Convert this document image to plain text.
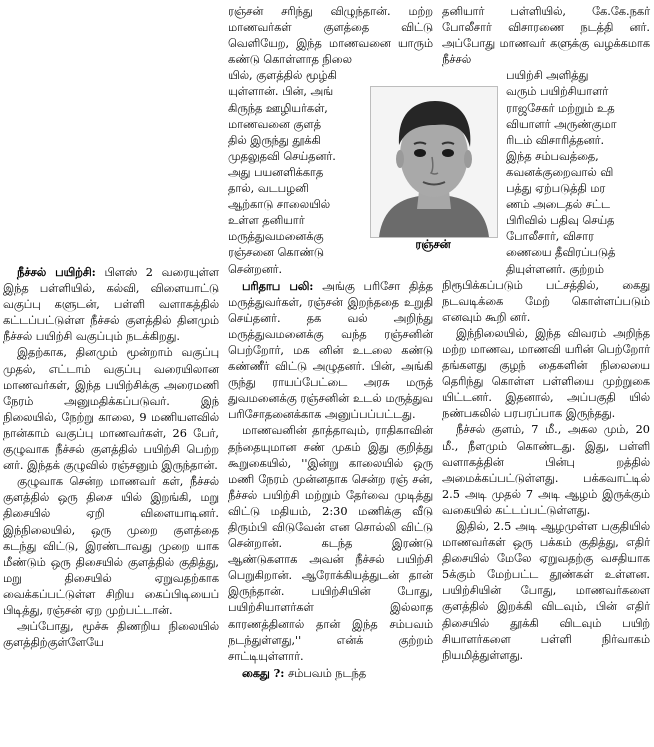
நீச்சல் பயிற்சி: பிளஸ் 2 வரையுள்ள இந்த பள்ளியில், கல்வி, விளையாட்டு வகுப்பு களுடன், பள்ளி வளாகத்தில் கட்டப்பட்டுள்ள நீச்சல் குளத்தில் தினமும் நீச்சல் பயிற்சி வகுப்பும் நடக்கிறது.

இதற்காக, தினமும் மூன்றாம் வகுப்பு முதல், எட்டாம் வகுப்பு வரையிலான மாணவர்கள், இந்த பயிற்சிக்கு அரைமணி நேரம் அனுமதிக்கப்படுவர். இந் நிலையில், நேற்று காலை, 9 மணியளவில் நான்காம் வகுப்பு மாணவர்கள், 26 பேர், குழுவாக நீச்சல் குளத்தில் பயிற்சி பெற்ற னர். இந்தக் குழுவில் ரஞ்சனும் இருந்தான்.

குழுவாக சென்ற மாணவர் கள், நீச்சல் குளத்தில் ஒரு திசை யில் இறங்கி, மறு திசையில் ஏறி விளையாடினர். இந்நிலையில், ஒரு முறை குளத்தை கடந்து விட்டு, இரண்டாவது முறை யாக மீண்டும் ஒரு திசையில் குளத்தில் குதித்து, மறு திசையில் ஏறுவதற்காக வைக்கப்பட்டுள்ள சிறிய கைப்பிடியைப் பிடித்து, ரஞ்சன் ஏற முற்பட்டான்.

அப்போது, மூச்சு திணறிய நிலையில் குளத்திற்குள்ளேயே

ரஞ்சன் சரிந்து விழுந்தான். மற்ற மாணவர்கள் குளத்தை விட்டு வெளியேற, இந்த மாணவனை யாரும் கண்டு கொள்ளாத நிலை

யில், குளத்தில் மூழ்கி
யுள்ளான். பின், அங்
கிருந்த ஊழியர்கள்,
மாணவனை குளத்
தில் இருந்து தூக்கி
முதலுதவி செய்தனர்.
அது பயனளிக்காத
தால், வடபழனி
ஆற்காடு சாலையில்
உள்ள தனியார்
மருத்துவமனைக்கு
ரஞ்சனை கொண்டு
சென்றனர்.

பரிதாப பலி: அங்கு பரிசோ தித்த மருத்துவர்கள், ரஞ்சன் இறந்ததை உறுதி செய்தனர். தக வல் அறிந்து மருத்துவமனைக்கு வந்த ரஞ்சனின் பெற்றோர், மக னின் உடலை கண்டு கண்ணீர் விட்டு அழுதனர். பின், அங்கி ருந்து ராயப்பேட்டை அரசு மருத் துவமனைக்கு ரஞ்சனின் உடல் மருத்துவ பரிசோதனைக்காக அனுப்பப்பட்டது.

மாணவனின் தாத்தாவும், ராதிகாவின் தந்தையுமான சண் முகம் இது குறித்து கூறுகையில், ''இன்று காலையில் ஒரு மணி நேரம் முன்னதாக சென்ற ரஞ் சன், நீச்சல் பயிற்சி மற்றும் தேர்வை முடித்து விட்டு மதியம், 2:30 மணிக்கு வீடு திரும்பி விடுவேன் என சொல்லி விட்டு சென்றான். கடந்த இரண்டு ஆண்டுகளாக அவன் நீச்சல் பயிற்சி பெறுகிறான். ஆரோக்கியத்துடன் தான் இருந்தான். பயிற்சியின் போது, பயிற்சியாளர்கள் இல்லாத காரணத்தினால் தான் இந்த சம்பவம் நடந்துள்ளது,'' என்க் குற்றம் சாட்டியுள்ளார்.

கைது ?: சம்பவம் நடந்த

ரஞ்சன்

தனியார் பள்ளியில், கே.கே.நகர் போலீசார் விசாரணை நடத்தி னர். அப்போது மாணவர் களுக்கு வழக்கமாக நீச்சல்

பயிற்சி அளித்து
வரும் பயிற்சியாளர்
ராஜசேகர் மற்றும் உத
வியாளர் அருண்குமா
ரிடம் விசாரித்தனர்.
இந்த சம்பவத்தை,
கவனக்குறைவால் வி
பத்து ஏற்படுத்தி மர
ணம் அடைதல் சட்ட
பிரிவில் பதிவு செய்த
போலீசார், விசார
ணையை தீவிரப்படுத்
தியுள்ளனர். குற்றம்

நிரூபிக்கப்படும் பட்சத்தில், கைது நடவடிக்கை மேற் கொள்ளப்படும் எனவும் கூறி னர்.

இந்நிலையில், இந்த விவரம் அறிந்த மற்ற மாணவ, மாணவி யரின் பெற்றோர் தங்களது குழந் தைகளின் நிலையை தெரிந்து கொள்ள பள்ளியை முற்றுகை யிட்டனர். இதனால், அப்பகுதி யில் நண்பகலில் பரபரப்பாக இருந்தது.

நீச்சல் குளம், 7 மீ., அகல மும், 20 மீ., நீளமும் கொண்டது. இது, பள்ளி வளாகத்தின் பின்பு றத்தில் அமைக்கப்பட்டுள்ளது. பக்கவாட்டில் 2.5 அடி முதல் 7 அடி ஆழம் இருக்கும் வகையில் கட்டப்பட்டுள்ளது.

இதில், 2.5 அடி ஆழமுள்ள பகுதியில் மாணவர்கள் ஒரு பக்கம் குதித்து, எதிர் திசையில் மேலே ஏறுவதற்கு வசதியாக 5க்கும் மேற்பட்ட தூண்கள் உள்ளன. பயிற்சியின் போது, மாணவர்களை குளத்தில் இறக்கி விடவும், பின் எதிர் திசையில் தூக்கி விடவும் பயிற் சியாளர்களை பள்ளி நிர்வாகம் நியமித்துள்ளது.
